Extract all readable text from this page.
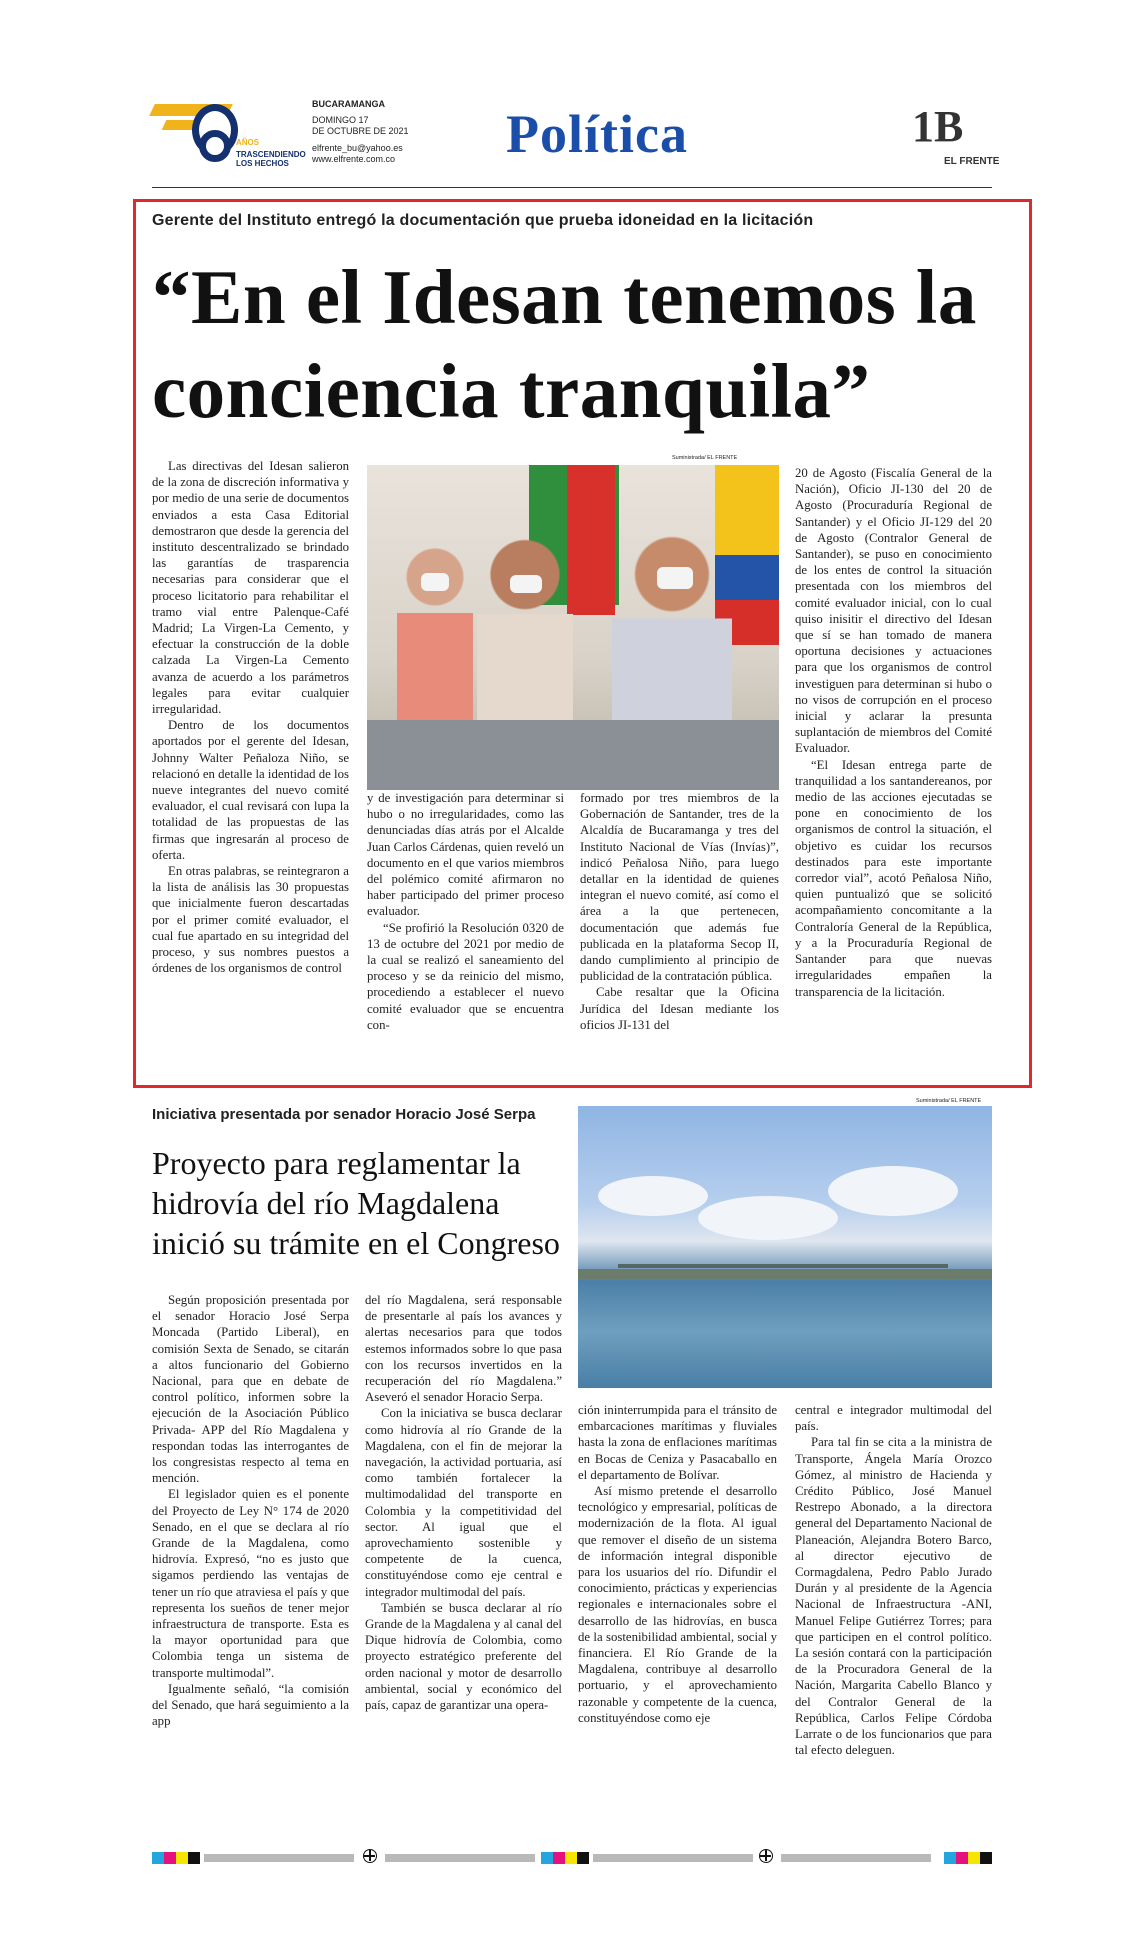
AÑOS
TRASCENDIENDO
LOS HECHOS
BUCARAMANGA
DOMINGO 17
DE OCTUBRE DE 2021
elfrente_bu@yahoo.es
www.elfrente.com.co Política	1B
EL FRENTE
Gerente del Instituto entregó la documentación que prueba idoneidad en la licitación
“En el Idesan tenemos la conciencia tranquila”

Las directivas del Idesan salieron de la zona de discreción informativa y por medio de una serie de documentos enviados a esta Casa Editorial demostraron que desde la gerencia del instituto descentralizado se brindado las garantías de trasparencia necesarias para considerar que el proceso licitatorio para rehabilitar el tramo vial entre Palenque-Café Madrid; La Virgen-La Cemento, y efectuar la construcción de la doble calzada La Virgen-La Cemento avanza de acuerdo a los parámetros legales para evitar cualquier irregularidad.

Dentro de los documentos aportados por el gerente del Idesan, Johnny Walter Peñaloza Niño, se relacionó en detalle la identidad de los nueve integrantes del nuevo comité evaluador, el cual revisará con lupa la totalidad de las propuestas de las firmas que ingresarán al proceso de oferta.

En otras palabras, se reintegraron a la lista de análisis las 30 propuestas que inicialmente fueron descartadas por el primer comité evaluador, el cual fue apartado en su integridad del proceso, y sus nombres puestos a órdenes de los organismos de control

Suministrada/ EL FRENTE

y de investigación para determinar si hubo o no irregularidades, como las denunciadas días atrás por el Alcalde Juan Carlos Cárdenas, quien reveló un documento en el que varios miembros del polémico comité afirmaron no haber participado del primer proceso evaluador.

“Se profirió la Resolución 0320 de 13 de octubre del 2021 por medio de la cual se realizó el saneamiento del proceso y se da reinicio del mismo, procediendo a establecer el nuevo comité evaluador que se encuentra con-

formado por tres miembros de la Gobernación de Santander, tres de la Alcaldía de Bucaramanga y tres del Instituto Nacional de Vías (Invías)”, indicó Peñalosa Niño, para luego detallar en la identidad de quienes integran el nuevo comité, así como el área a la que pertenecen, documentación que además fue publicada en la plataforma Secop II, dando cumplimiento al principio de publicidad de la contratación pública.

Cabe resaltar que la Oficina Jurídica del Idesan mediante los oficios JI-131 del

20 de Agosto (Fiscalía General de la Nación), Oficio JI-130 del 20 de Agosto (Procuraduría Regional de Santander) y el Oficio JI-129 del 20 de Agosto (Contralor General de Santander), se puso en conocimiento de los entes de control la situación presentada con los miembros del comité evaluador inicial, con lo cual quiso inisitir el directivo del Idesan que sí se han tomado de manera oportuna decisiones y actuaciones para que los organismos de control investiguen para determinan si hubo o no visos de corrupción en el proceso inicial y aclarar la presunta suplantación de miembros del Comité Evaluador.

“El Idesan entrega parte de tranquilidad a los santandereanos, por medio de las acciones ejecutadas se pone en conocimiento de los organismos de control la situación, el objetivo es cuidar los recursos destinados para este importante corredor vial”, acotó Peñalosa Niño, quien puntualizó que se solicitó acompañamiento concomitante a la Contraloría General de la República, y a la Procuraduría Regional de Santander para que nuevas irregularidades empañen la transparencia de la licitación.

Iniciativa presentada por senador Horacio José Serpa
Proyecto para reglamentar la hidrovía del río Magdalena inició su trámite en el Congreso
Suministrada/ EL FRENTE

Según proposición presentada por el senador Horacio José Serpa Moncada (Partido Liberal), en comisión Sexta de Senado, se citarán a altos funcionario del Gobierno Nacional, para que en debate de control político, informen sobre la ejecución de la Asociación Público Privada- APP del Río Magdalena y respondan todas las interrogantes de los congresistas respecto al tema en mención.

El legislador quien es el ponente del Proyecto de Ley N° 174 de 2020 Senado, en el que se declara al río Grande de la Magdalena, como hidrovía. Expresó, “no es justo que sigamos perdiendo las ventajas de tener un río que atraviesa el país y que representa los sueños de tener mejor infraestructura de transporte. Esta es la mayor oportunidad para que Colombia tenga un sistema de transporte multimodal”.

Igualmente señaló, “la comisión del Senado, que hará seguimiento a la app

del río Magdalena, será responsable de presentarle al país los avances y alertas necesarios para que todos estemos informados sobre lo que pasa con los recursos invertidos en la recuperación del río Magdalena.” Aseveró el senador Horacio Serpa.

Con la iniciativa se busca declarar como hidrovía al río Grande de la Magdalena, con el fin de mejorar la navegación, la actividad portuaria, así como también fortalecer la multimodalidad del transporte en Colombia y la competitividad del sector. Al igual que el aprovechamiento sostenible y competente de la cuenca, constituyéndose como eje central e integrador multimodal del país.

También se busca declarar al río Grande de la Magdalena y al canal del Dique hidrovía de Colombia, como proyecto estratégico preferente del orden nacional y motor de desarrollo ambiental, social y económico del país, capaz de garantizar una opera-

ción ininterrumpida para el tránsito de embarcaciones marítimas y fluviales hasta la zona de enflaciones marítimas en Bocas de Ceniza y Pasacaballo en el departamento de Bolívar.

Así mismo pretende el desarrollo tecnológico y empresarial, políticas de modernización de la flota. Al igual que remover el diseño de un sistema de información integral disponible para los usuarios del río. Difundir el conocimiento, prácticas y experiencias regionales e internacionales sobre el desarrollo de las hidrovías, en busca de la sostenibilidad ambiental, social y financiera. El Río Grande de la Magdalena, contribuye al desarrollo portuario, y el aprovechamiento razonable y competente de la cuenca, constituyéndose como eje

central e integrador multimodal del país.

Para tal fin se cita a la ministra de Transporte, Ángela María Orozco Gómez, al ministro de Hacienda y Crédito Público, José Manuel Restrepo Abonado, a la directora general del Departamento Nacional de Planeación, Alejandra Botero Barco, al director ejecutivo de Cormagdalena, Pedro Pablo Jurado Durán y al presidente de la Agencia Nacional de Infraestructura -ANI, Manuel Felipe Gutiérrez Torres; para que participen en el control político. La sesión contará con la participación de la Procuradora General de la Nación, Margarita Cabello Blanco y del Contralor General de la República, Carlos Felipe Córdoba Larrate o de los funcionarios que para tal efecto deleguen.
